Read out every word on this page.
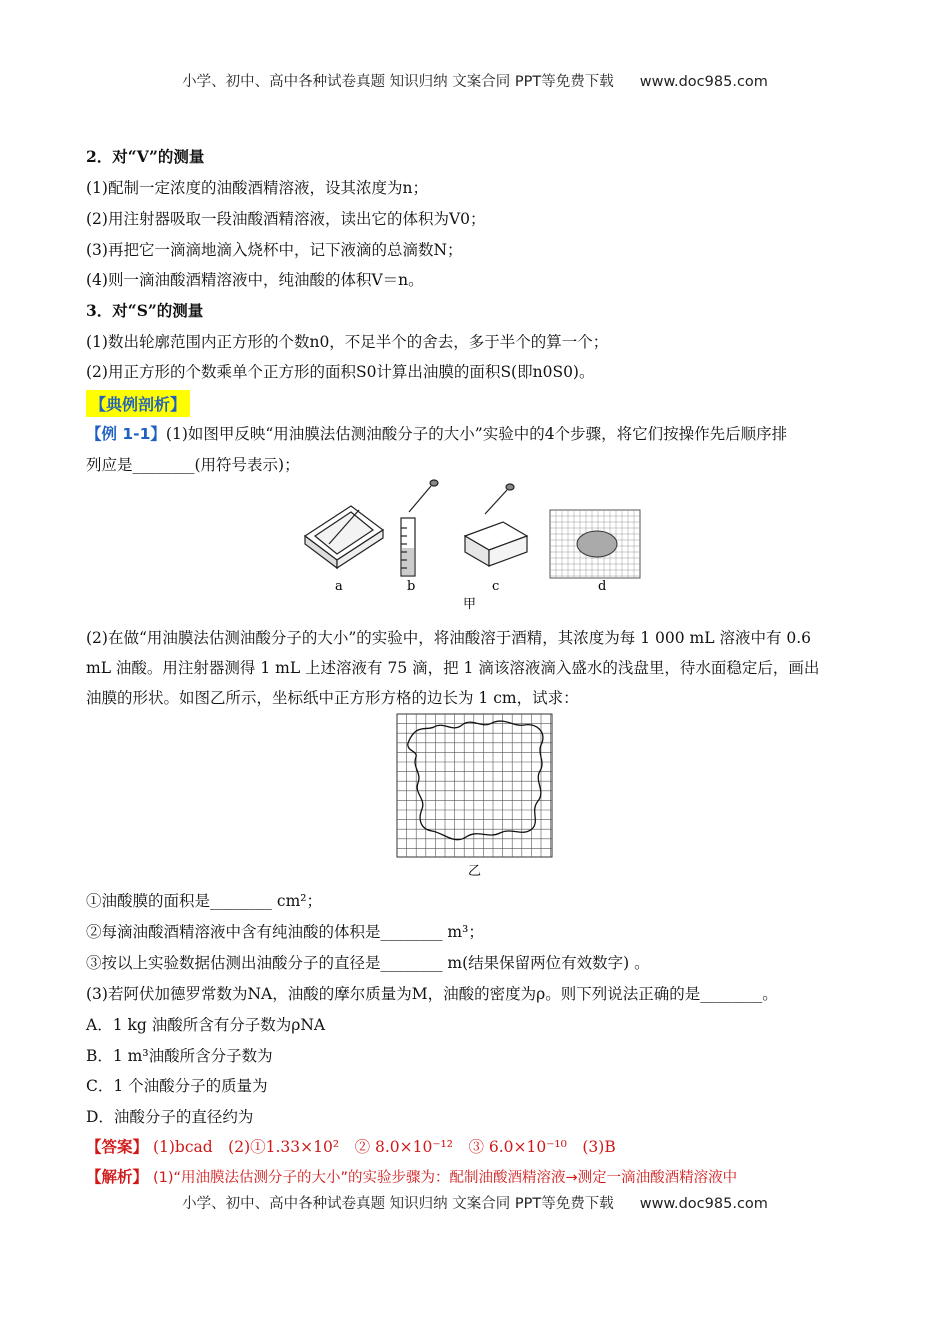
小学、初中、高中各种试卷真题 知识归纳 文案合同 PPT等免费下载 www.doc985.com
2．对“V”的测量
(1)配制一定浓度的油酸酒精溶液，设其浓度为n；
(2)用注射器吸取一段油酸酒精溶液，读出它的体积为V0；
(3)再把它一滴滴地滴入烧杯中，记下液滴的总滴数N；
(4)则一滴油酸酒精溶液中，纯油酸的体积V＝n。
3．对“S”的测量
(1)数出轮廓范围内正方形的个数n0，不足半个的舍去，多于半个的算一个；
(2)用正方形的个数乘单个正方形的面积S0计算出油膜的面积S(即n0S0)。
【典例剖析】
【例 1-1】(1)如图甲反映“用油膜法估测油酸分子的大小”实验中的4个步骤，将它们按操作先后顺序排
列应是________(用符号表示)；
a	b	c	d
甲
(2)在做“用油膜法估测油酸分子的大小”的实验中，将油酸溶于酒精，其浓度为每 1 000 mL 溶液中有 0.6
mL 油酸。用注射器测得 1 mL 上述溶液有 75 滴，把 1 滴该溶液滴入盛水的浅盘里，待水面稳定后，画出
油膜的形状。如图乙所示，坐标纸中正方形方格的边长为 1 cm，试求：
乙
①油酸膜的面积是________ cm²；
②每滴油酸酒精溶液中含有纯油酸的体积是________ m³；
③按以上实验数据估测出油酸分子的直径是________ m(结果保留两位有效数字) 。
(3)若阿伏加德罗常数为NA，油酸的摩尔质量为M，油酸的密度为ρ。则下列说法正确的是________。
A．1 kg 油酸所含有分子数为ρNA
B．1 m³油酸所含分子数为
C．1 个油酸分子的质量为
D．油酸分子的直径约为
【答案】 (1)bcad　(2)①1.33×10²　② 8.0×10⁻¹²　③ 6.0×10⁻¹⁰　(3)B
【解析】 (1)“用油膜法估测分子的大小”的实验步骤为：配制油酸酒精溶液→测定一滴油酸酒精溶液中
小学、初中、高中各种试卷真题 知识归纳 文案合同 PPT等免费下载 www.doc985.com
